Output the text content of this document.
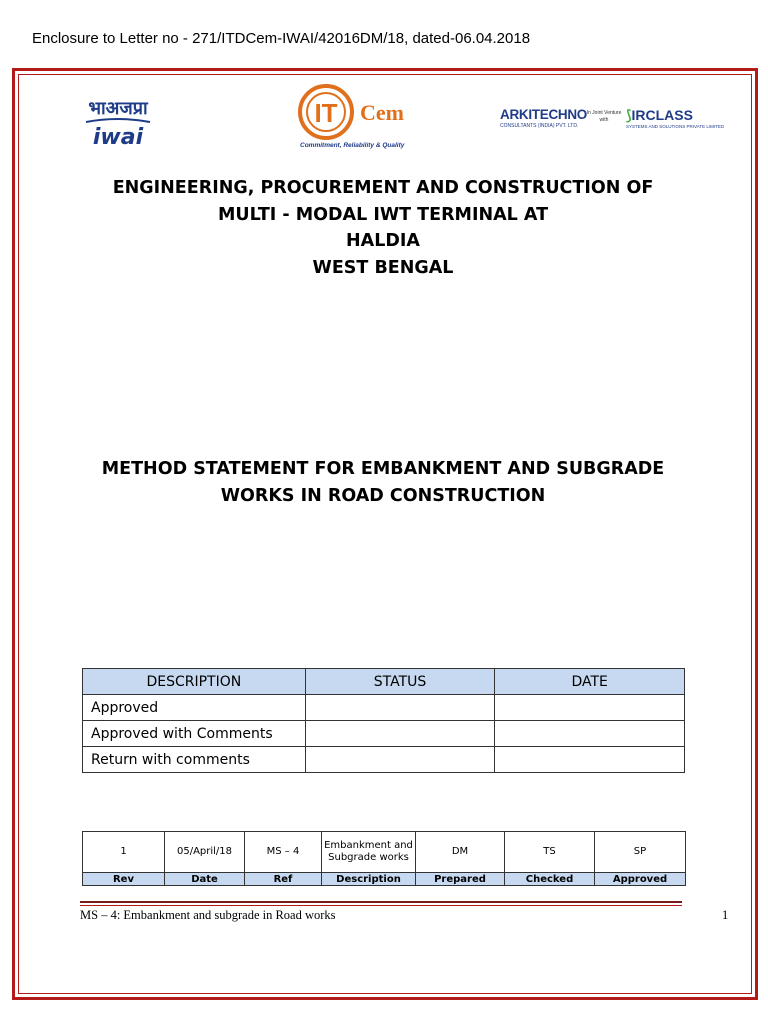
Enclosure to Letter no - 271/ITDCem-IWAI/42016DM/18, dated-06.04.2018
भाअजप्रा
iwai
IT Cem
Commitment, Reliability & Quality
ARKITECHNO
CONSULTANTS (INDIA) PVT. LTD.
In Joint Venture with	⟆IRCLASS
SYSTEMS AND SOLUTIONS PRIVATE LIMITED
ENGINEERING, PROCUREMENT AND CONSTRUCTION OF
MULTI - MODAL IWT TERMINAL AT
HALDIA
WEST BENGAL
METHOD STATEMENT FOR EMBANKMENT AND SUBGRADE
WORKS IN ROAD CONSTRUCTION
DESCRIPTION	STATUS	DATE
Approved		
Approved with Comments		
Return with comments		
1	05/April/18	MS – 4	Embankment and Subgrade works	DM	TS	SP
Rev	Date	Ref	Description	Prepared	Checked	Approved
MS – 4: Embankment and subgrade in Road works	1
